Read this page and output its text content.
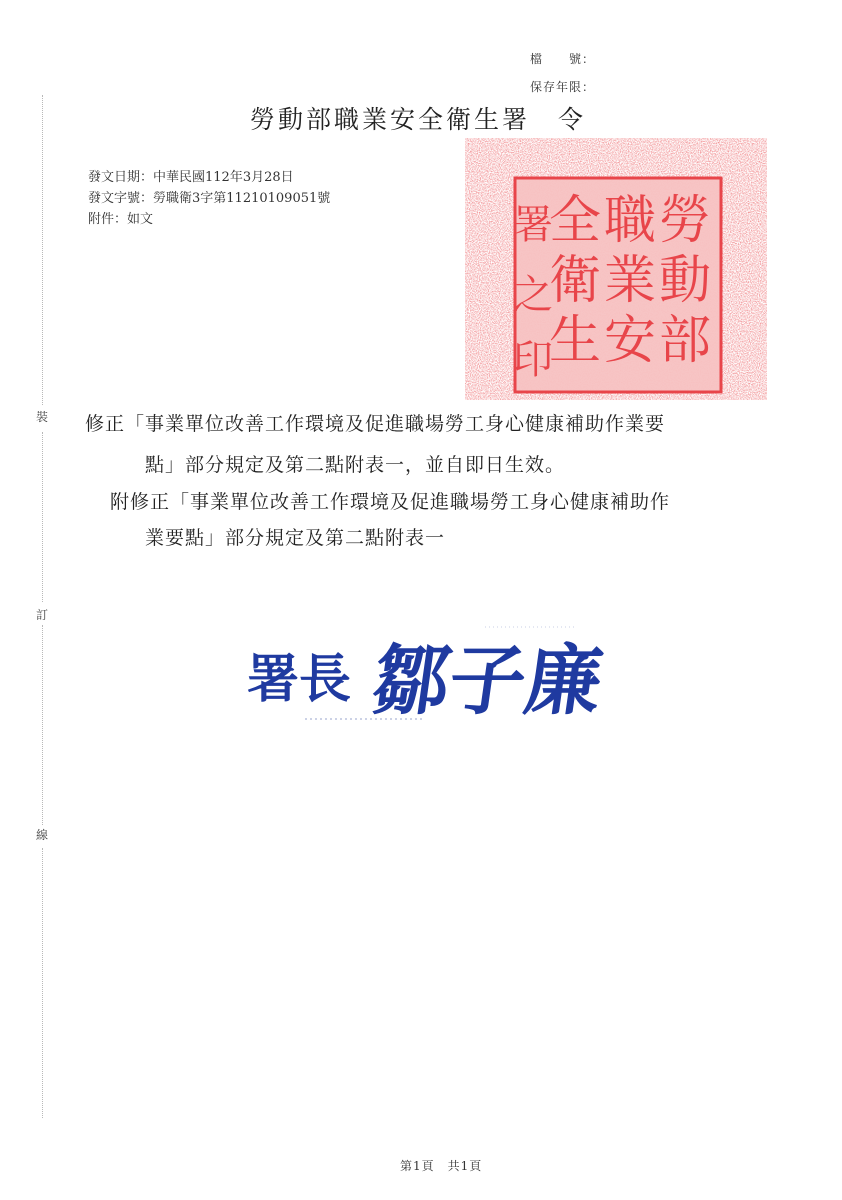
裝
訂
線
檔　　號：
保存年限：
勞動部職業安全衛生署 令
發文日期：中華民國112年3月28日
發文字號：勞職衛3字第11210109051號
附件：如文	勞
動
部
職
業
安
全
衛
生
署
之
印
修正「事業單位改善工作環境及促進職場勞工身心健康補助作業要
點」部分規定及第二點附表一，並自即日生效。
附修正「事業單位改善工作環境及促進職場勞工身心健康補助作
業要點」部分規定及第二點附表一
署長 鄒子廉
第1頁　共1頁
